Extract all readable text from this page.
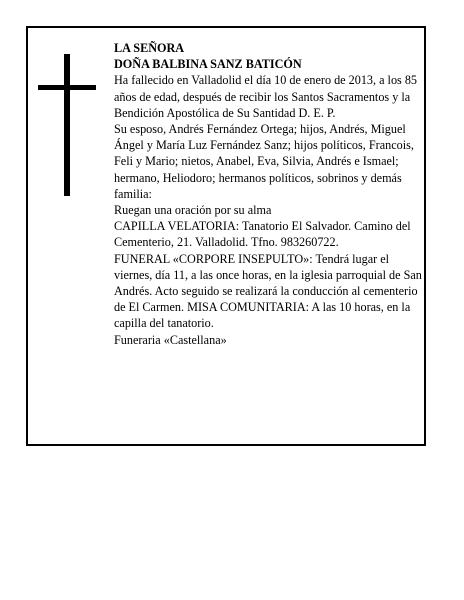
LA SEÑORA

DOÑA BALBINA SANZ BATICÓN

Ha fallecido en Valladolid el día 10 de enero de 2013, a los 85 años de edad, después de recibir los Santos Sacramentos y la Bendición Apostólica de Su Santidad D. E. P.

Su esposo, Andrés Fernández Ortega; hijos, Andrés, Miguel Ángel y María Luz Fernández Sanz; hijos políticos, Francois, Feli y Mario; nietos, Anabel, Eva, Silvia, Andrés e Ismael; hermano, Heliodoro; hermanos políticos, sobrinos y demás familia:

Ruegan una oración por su alma

CAPILLA VELATORIA: Tanatorio El Salvador. Camino del Cementerio, 21. Valladolid. Tfno. 983260722.

FUNERAL «CORPORE INSEPULTO»: Tendrá lugar el viernes, día 11, a las once horas, en la iglesia parroquial de San Andrés. Acto seguido se realizará la conducción al cementerio de El Carmen. MISA COMUNITARIA: A las 10 horas, en la capilla del tanatorio.

Funeraria «Castellana»
